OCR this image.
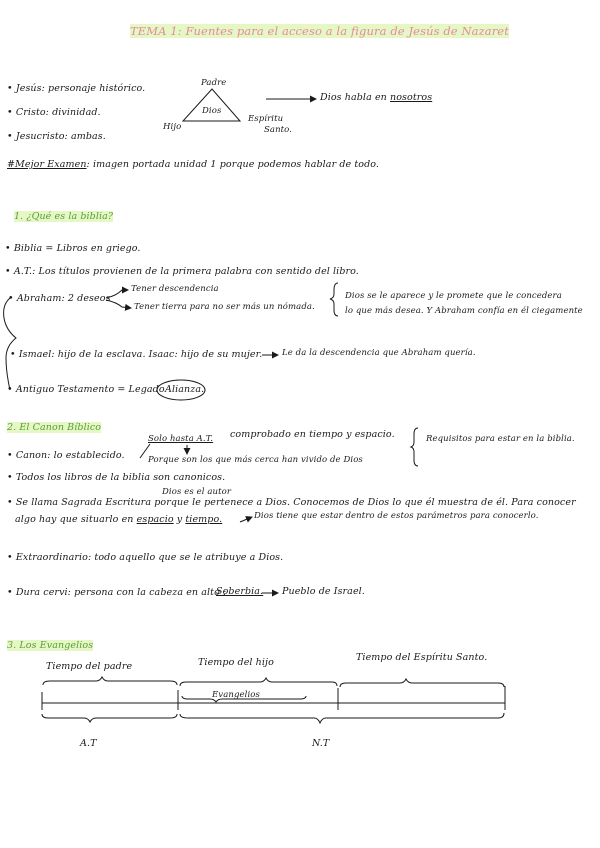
TEMA 1: Fuentes para el acceso a la figura de Jesús de Nazaret
• Jesús: personaje histórico.
• Cristo: divinidad.
• Jesucristo: ambas.
Padre
Dios
Hijo
Espíritu
Santo.
Dios habla en nosotros
#Mejor Examen: imagen portada unidad 1 porque podemos hablar de todo.
1. ¿Qué es la biblia?
• Biblia = Libros en griego.
• A.T.: Los títulos provienen de la primera palabra con sentido del libro.
• Abraham: 2 deseos
Tener descendencia
Tener tierra para no ser más un nómada.
Dios se le aparece y le promete que le concedera
lo que más desea. Y Abraham confía en él ciegamente
• Ismael: hijo de la esclava. Isaac: hijo de su mujer. Le da la descendencia que Abraham quería.
• Antiguo Testamento = Legado Alianza.
2. El Canon Bíblico
• Canon: lo establecido.
Solo hasta A.T. comprobado en tiempo y espacio.
Porque son los que más cerca han vivido de Dios
Requisitos para estar en la biblia.
• Todos los libros de la biblia son canonicos.
Dios es el autor
• Se llama Sagrada Escritura porque le pertenece a Dios. Conocemos de Dios lo que él muestra de él. Para conocer
algo hay que situarlo en espacio y tiempo.	Dios tiene que estar dentro de estos parámetros para conocerlo.
• Extraordinario: todo aquello que se le atribuye a Dios.
• Dura cervi: persona con la cabeza en alto :
Soberbia. Pueblo de Israel.
3. Los Evangelios
Tiempo del padre	Tiempo del hijo	Tiempo del Espíritu Santo.
Evangelios
A.T	N.T
